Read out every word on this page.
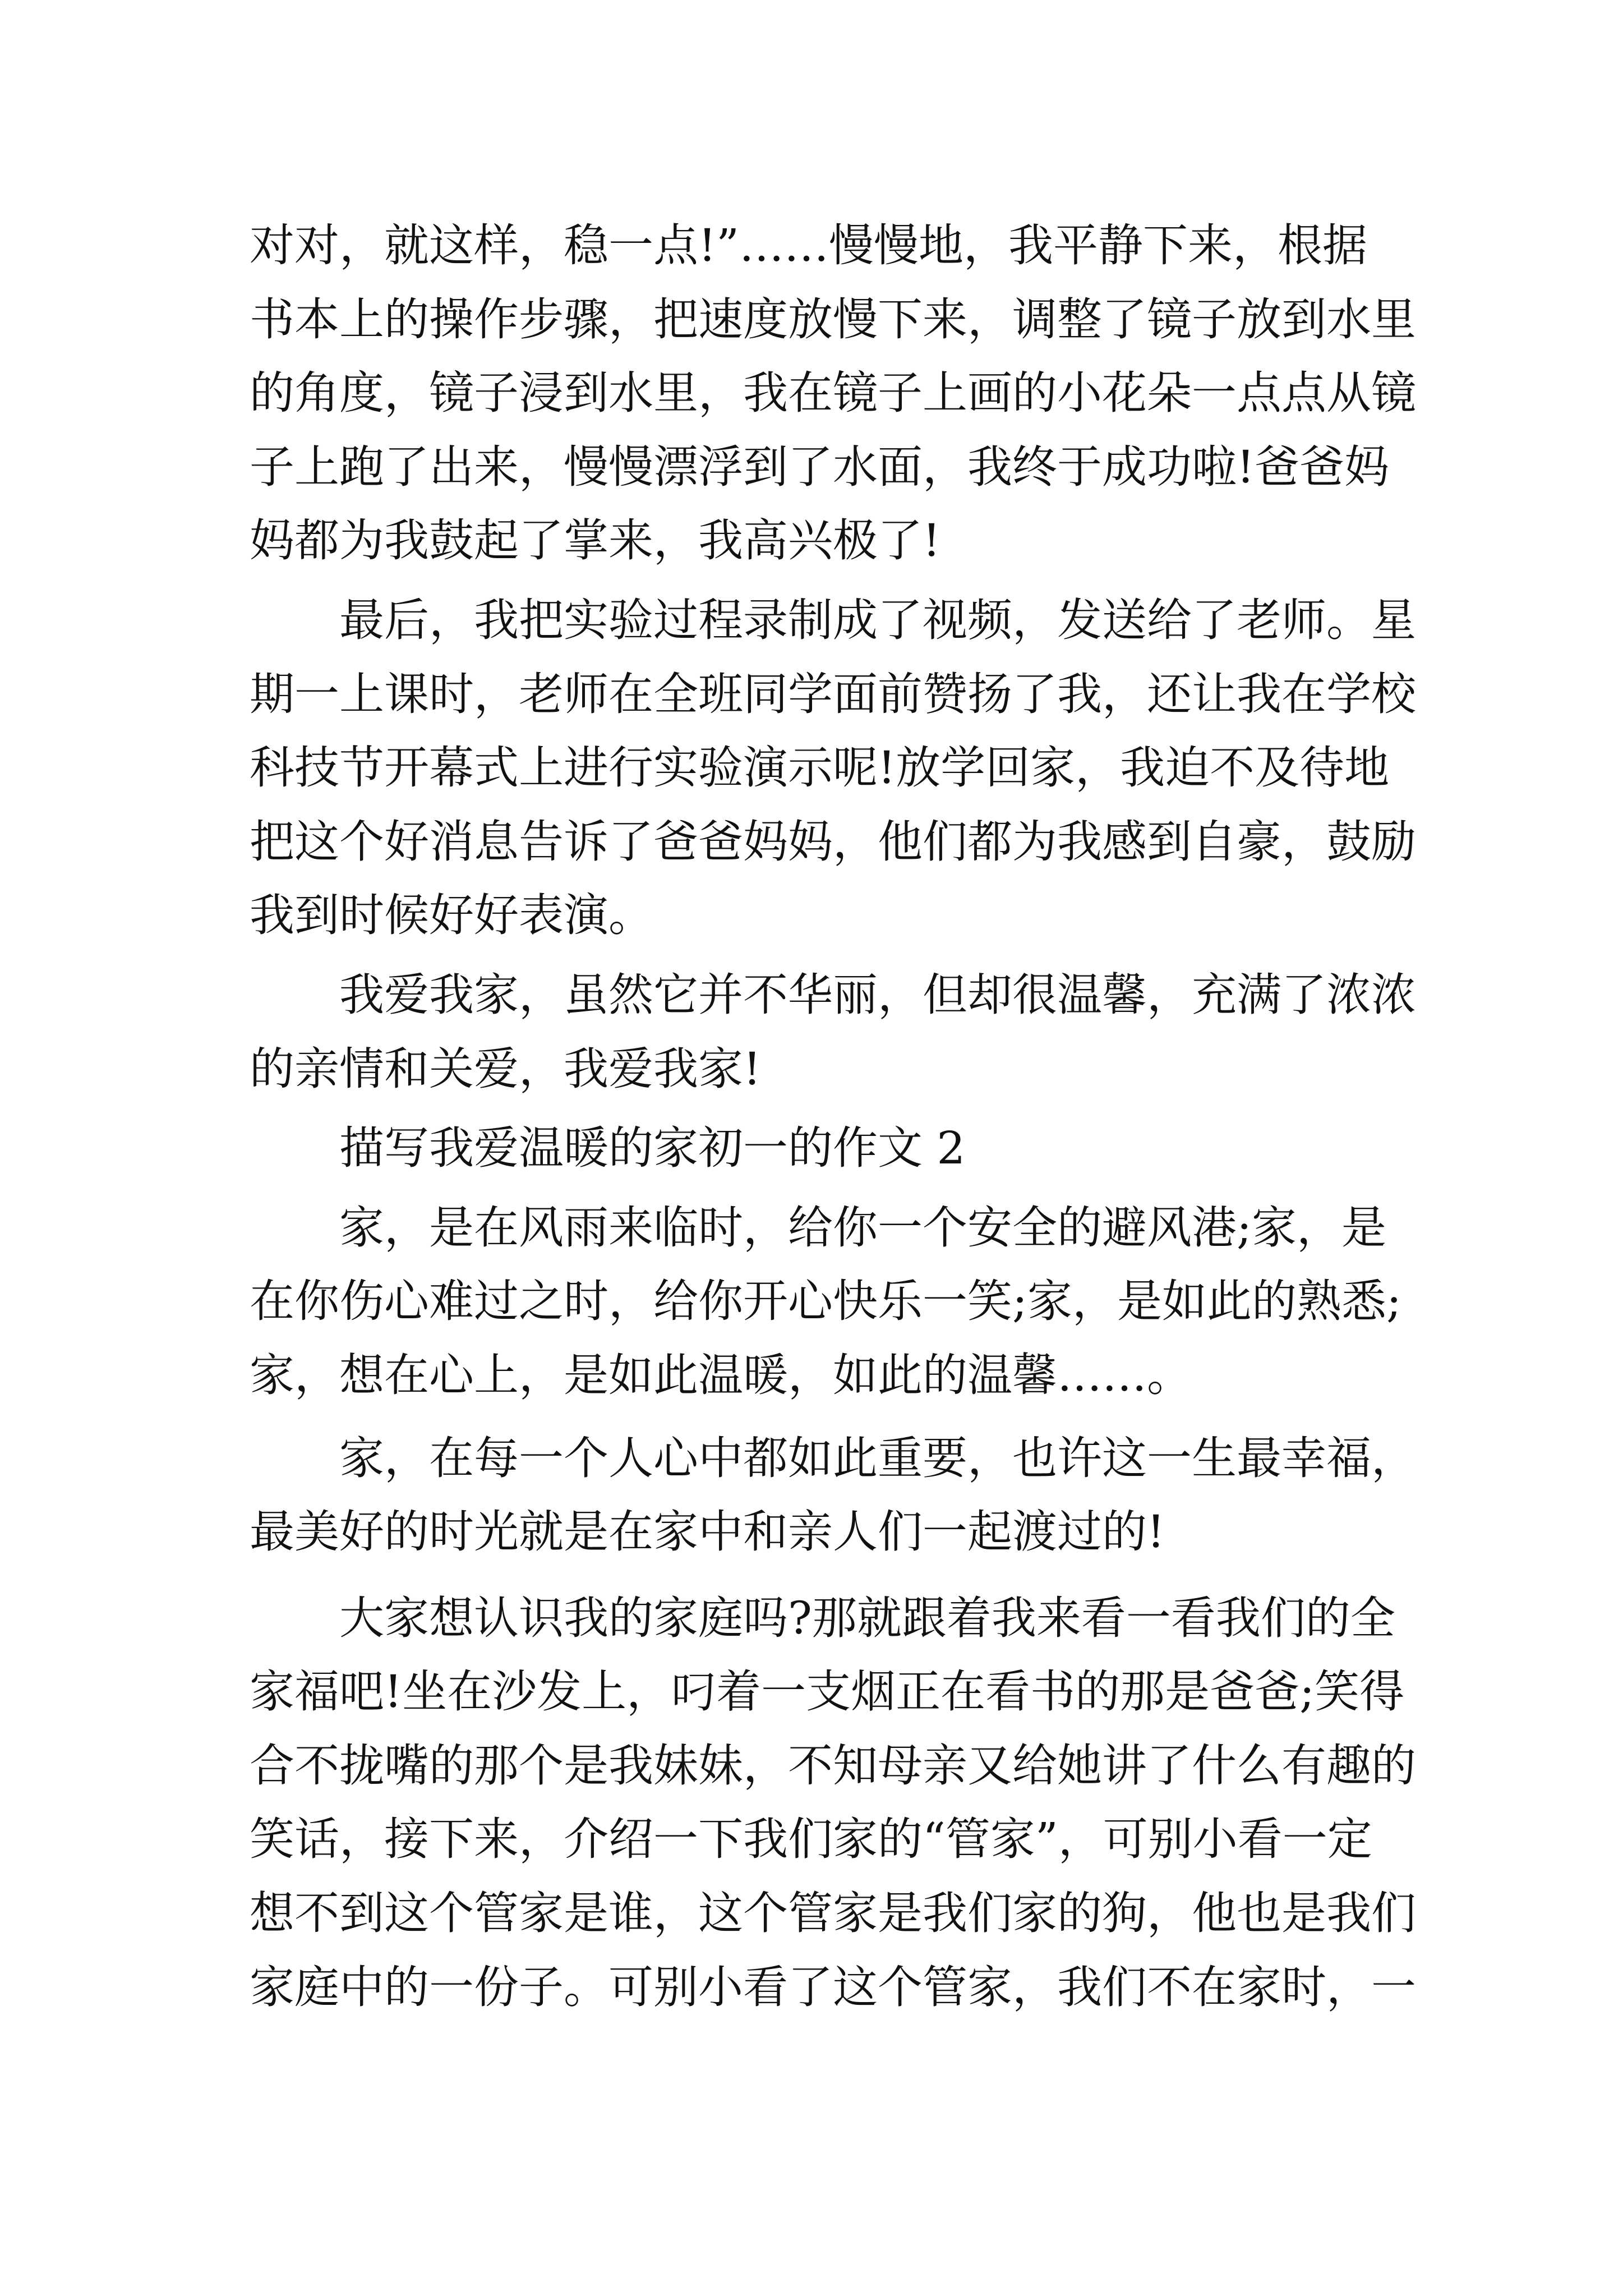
对对，就这样，稳一点!”……慢慢地，我平静下来，根据
书本上的操作步骤，把速度放慢下来，调整了镜子放到水里
的角度，镜子浸到水里，我在镜子上画的小花朵一点点从镜
子上跑了出来，慢慢漂浮到了水面，我终于成功啦!爸爸妈
妈都为我鼓起了掌来，我高兴极了!
最后，我把实验过程录制成了视频，发送给了老师。星
期一上课时，老师在全班同学面前赞扬了我，还让我在学校
科技节开幕式上进行实验演示呢!放学回家，我迫不及待地
把这个好消息告诉了爸爸妈妈，他们都为我感到自豪，鼓励
我到时候好好表演。
我爱我家，虽然它并不华丽，但却很温馨，充满了浓浓
的亲情和关爱，我爱我家!
描写我爱温暖的家初一的作文 2
家，是在风雨来临时，给你一个安全的避风港;家，是
在你伤心难过之时，给你开心快乐一笑;家，是如此的熟悉;
家，想在心上，是如此温暖，如此的温馨……。
家，在每一个人心中都如此重要，也许这一生最幸福，
最美好的时光就是在家中和亲人们一起渡过的!
大家想认识我的家庭吗?那就跟着我来看一看我们的全
家福吧!坐在沙发上，叼着一支烟正在看书的那是爸爸;笑得
合不拢嘴的那个是我妹妹，不知母亲又给她讲了什么有趣的
笑话，接下来，介绍一下我们家的“管家”，可别小看一定
想不到这个管家是谁，这个管家是我们家的狗，他也是我们
家庭中的一份子。可别小看了这个管家，我们不在家时，一
